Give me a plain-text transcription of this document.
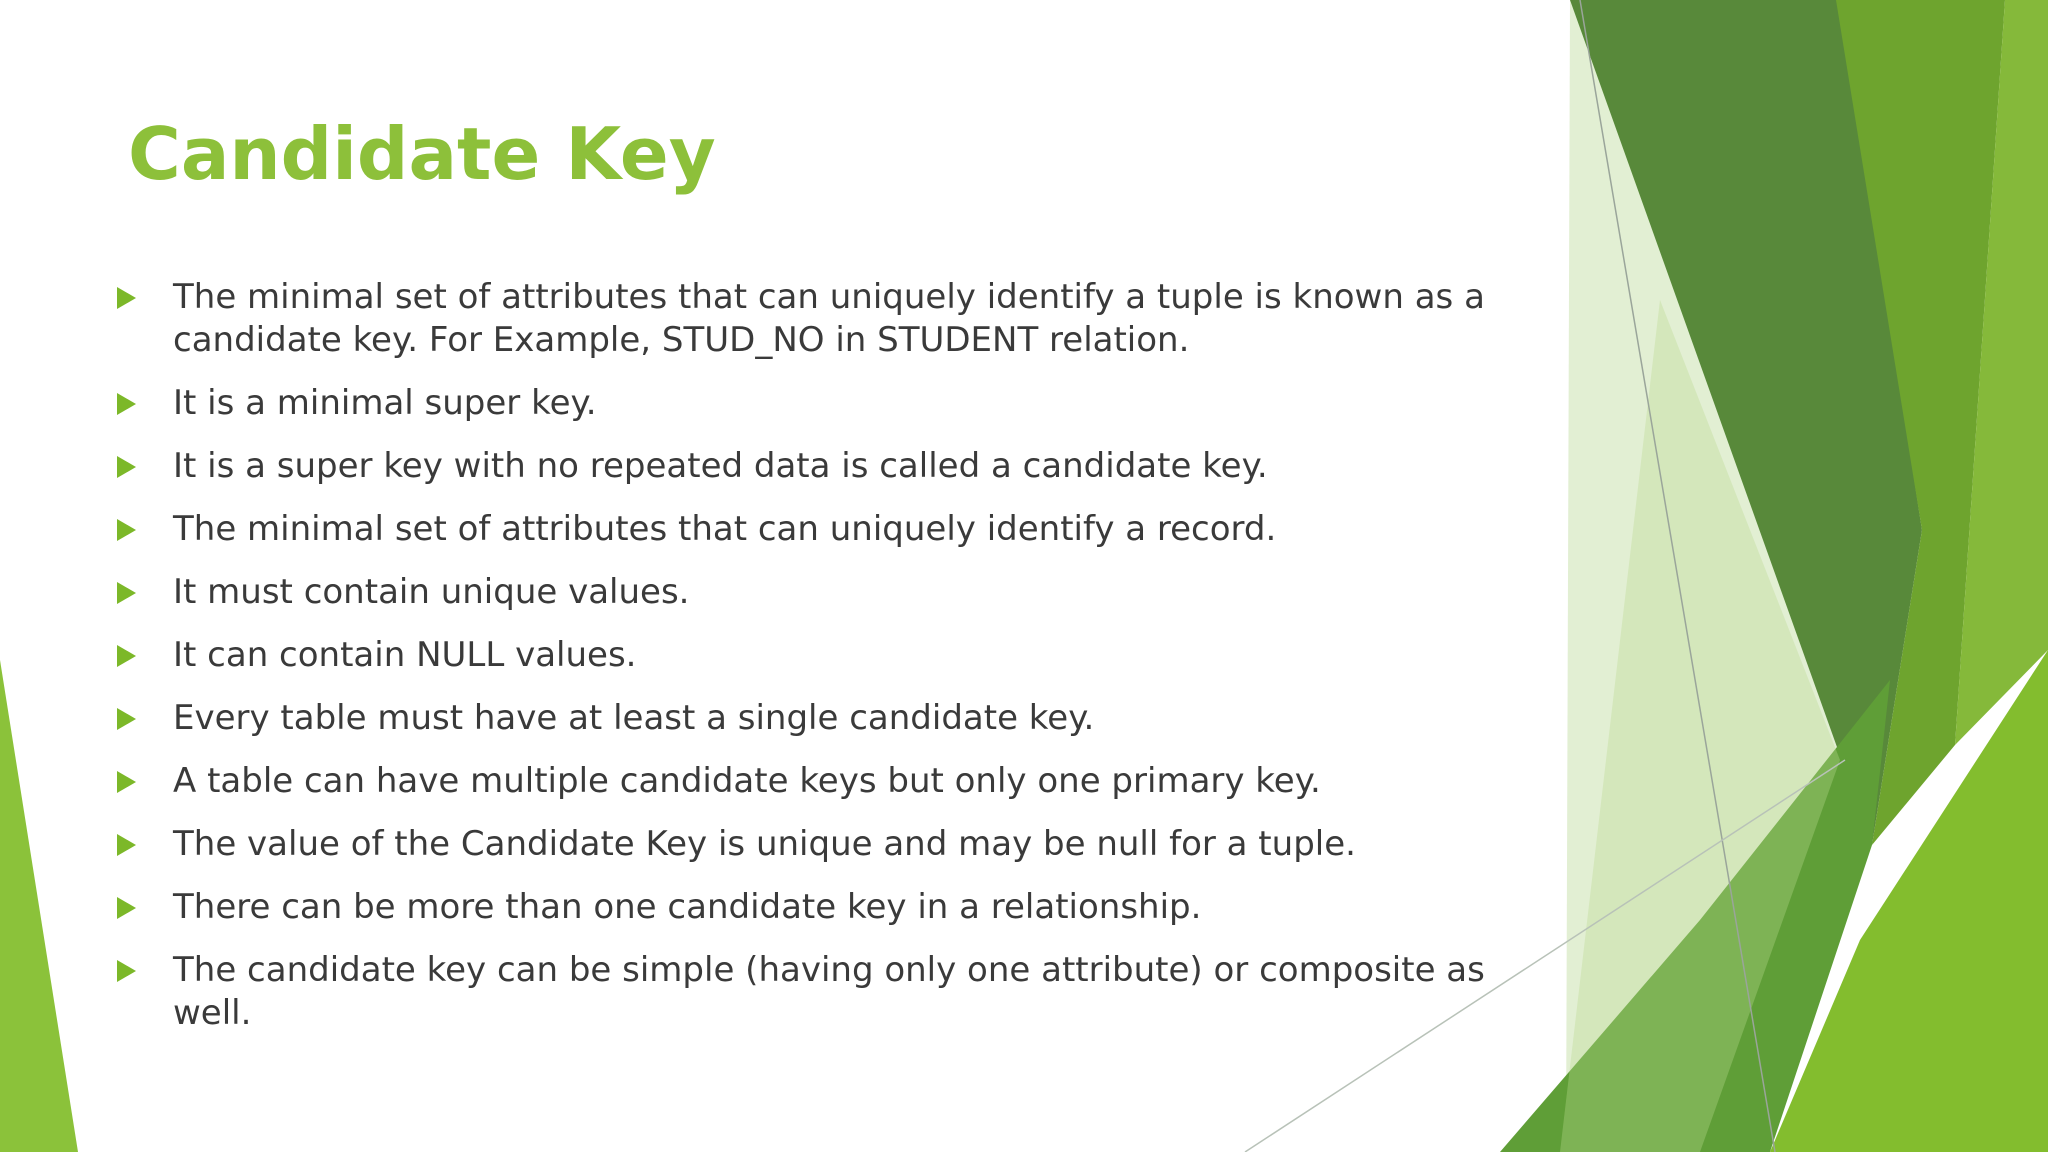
Candidate Key
The minimal set of attributes that can uniquely identify a tuple is known as a candidate key. For Example, STUD_NO in STUDENT relation.
It is a minimal super key.
It is a super key with no repeated data is called a candidate key.
The minimal set of attributes that can uniquely identify a record.
It must contain unique values.
It can contain NULL values.
Every table must have at least a single candidate key.
A table can have multiple candidate keys but only one primary key.
The value of the Candidate Key is unique and may be null for a tuple.
There can be more than one candidate key in a relationship.
The candidate key can be simple (having only one attribute) or composite as well.
